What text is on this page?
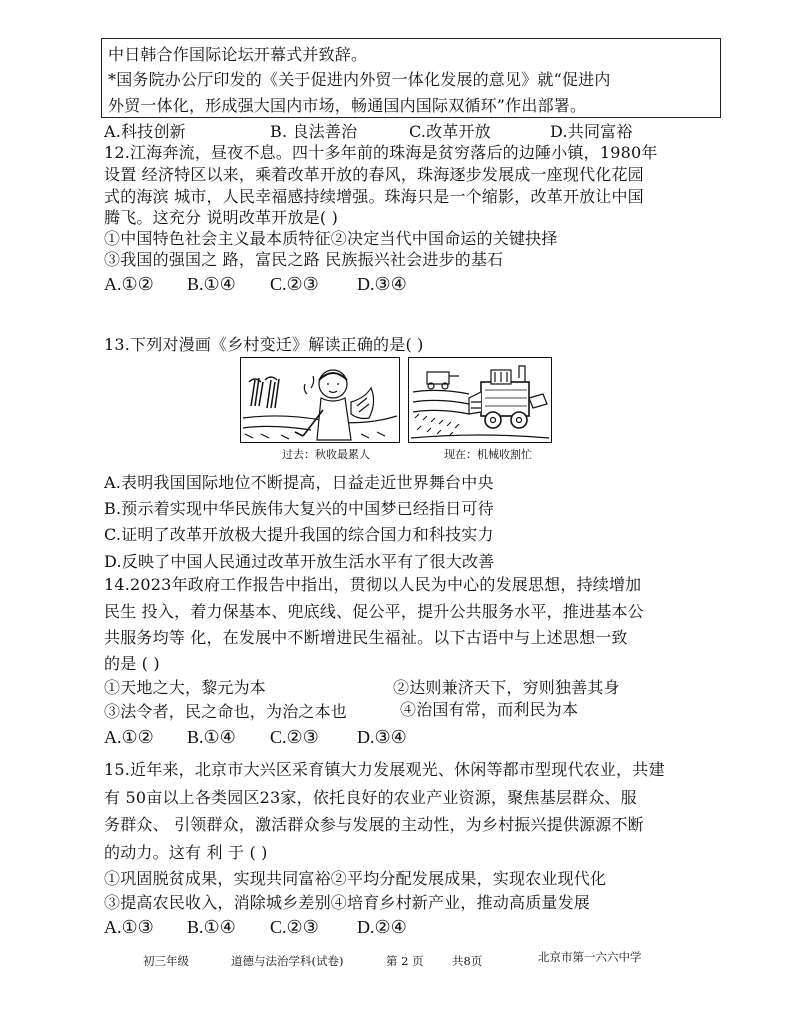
中日韩合作国际论坛开幕式并致辞。
*国务院办公厅印发的《关于促进内外贸一体化发展的意见》就“促进内
外贸一体化，形成强大国内市场，畅通国内国际双循环”作出部署。
A.科技创新	B. 良法善治	C.改革开放	D.共同富裕
12.江海奔流，昼夜不息。四十多年前的珠海是贫穷落后的边陲小镇，1980年
设置 经济特区以来，乘着改革开放的春风，珠海逐步发展成一座现代化花园
式的海滨 城市，人民幸福感持续增强。珠海只是一个缩影，改革开放让中国
腾飞。这充分 说明改革开放是( )
①中国特色社会主义最本质特征②决定当代中国命运的关键抉择
③我国的强国之 路，富民之路 民族振兴社会进步的基石
A.①② B.①④ C.②③ D.③④
13.下列对漫画《乡村变迁》解读正确的是( )
过去：秋收最累人	现在：机械收割忙
A.表明我国国际地位不断提高，日益走近世界舞台中央
B.预示着实现中华民族伟大复兴的中国梦已经指日可待
C.证明了改革开放极大提升我国的综合国力和科技实力
D.反映了中国人民通过改革开放生活水平有了很大改善
14.2023年政府工作报告中指出，贯彻以人民为中心的发展思想，持续增加
民生 投入，着力保基本、兜底线、促公平，提升公共服务水平，推进基本公
共服务均等 化，在发展中不断增进民生福祉。以下古语中与上述思想一致
的是 ( )
①天地之大，黎元为本	②达则兼济天下，穷则独善其身
③法令者，民之命也，为治之本也	④治国有常，而利民为本
A.①② B.①④ C.②③ D.③④
15.近年来，北京市大兴区采育镇大力发展观光、休闲等都市型现代农业，共建
有 50亩以上各类园区23家，依托良好的农业产业资源，聚焦基层群众、服
务群众、 引领群众，激活群众参与发展的主动性，为乡村振兴提供源源不断
的动力。这有 利 于 ( )
①巩固脱贫成果，实现共同富裕②平均分配发展成果，实现农业现代化
③提高农民收入，消除城乡差别④培育乡村新产业，推动高质量发展
A.①③ B.①④ C.②③ D.②④
初三年级	道德与法治学科(试卷)	第 2 页 共8页	北京市第一六六中学
